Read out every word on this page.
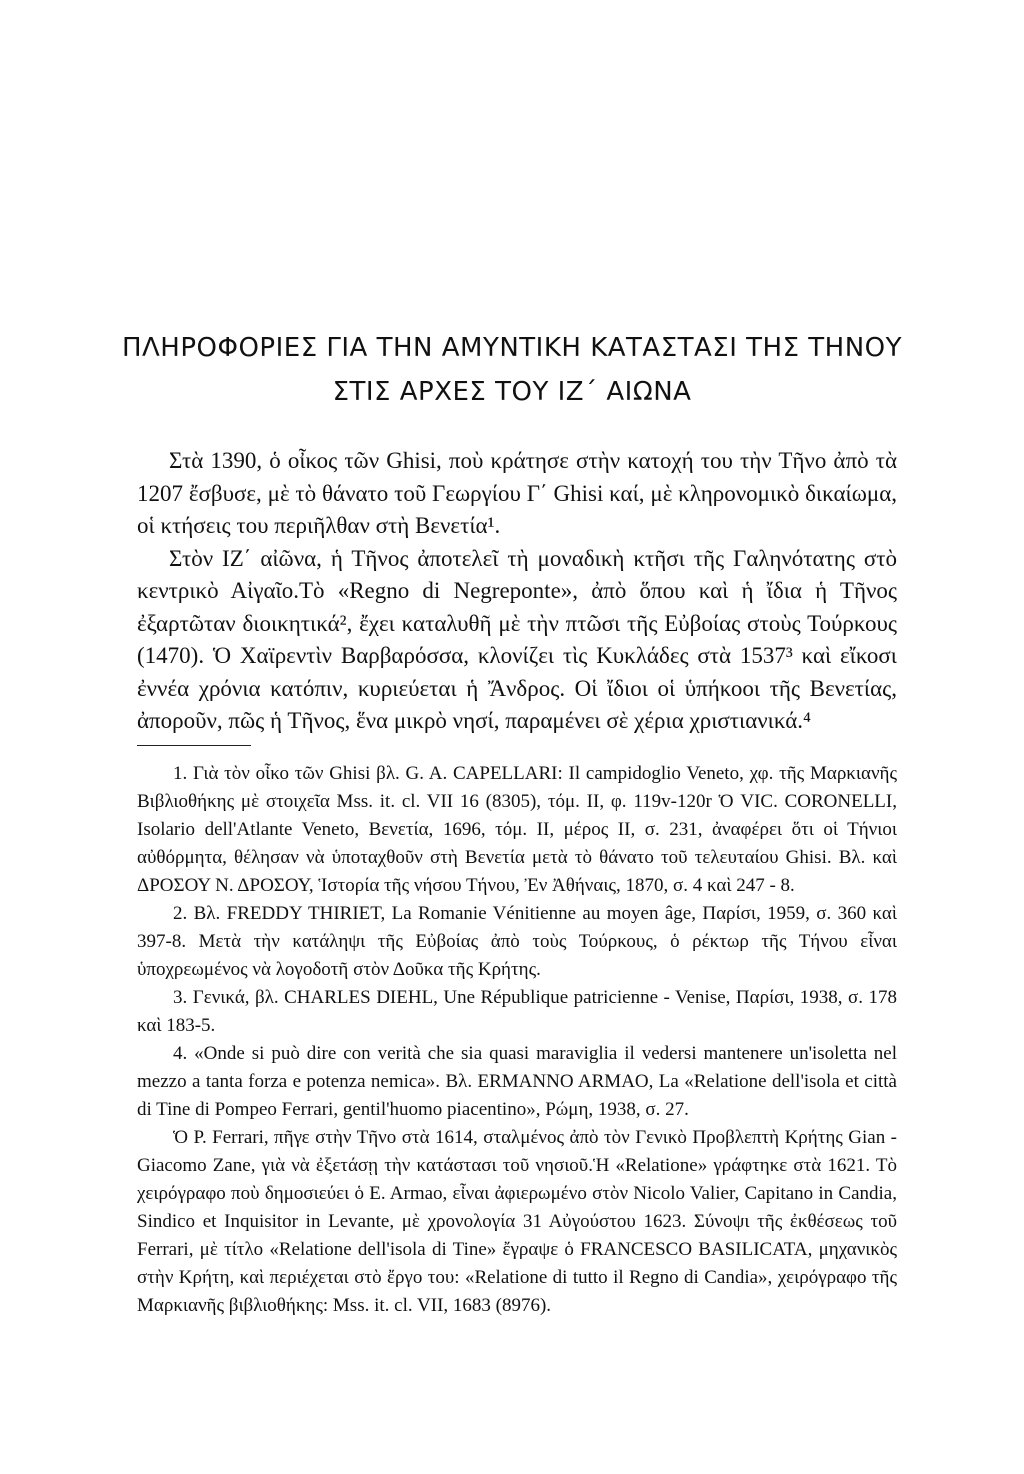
ΠΛΗΡΟΦΟΡΙΕΣ ΓΙΑ ΤΗΝ ΑΜΥΝΤΙΚΗ ΚΑΤΑΣΤΑΣΙ ΤΗΣ ΤΗΝΟΥ
ΣΤΙΣ ΑΡΧΕΣ ΤΟΥ ΙΖ΄ ΑΙΩΝΑ

Στὰ 1390, ὁ οἶκος τῶν Ghisi, ποὺ κράτησε στὴν κατοχή του τὴν Τῆνο ἀπὸ τὰ 1207 ἔσβυσε, μὲ τὸ θάνατο τοῦ Γεωργίου Γ΄ Ghisi καί, μὲ κληρονομικὸ δικαίωμα, οἱ κτήσεις του περιῆλθαν στὴ Βενετία¹.

Στὸν ΙΖ΄ αἰῶνα, ἡ Τῆνος ἀποτελεῖ τὴ μοναδικὴ κτῆσι τῆς Γαληνότατης στὸ κεντρικὸ Αἰγαῖο.Τὸ «Regno di Negreponte», ἀπὸ ὅπου καὶ ἡ ἴδια ἡ Τῆνος ἐξαρτῶταν διοικητικά², ἔχει καταλυθῆ μὲ τὴν πτῶσι τῆς Εὐβοίας στοὺς Τούρκους (1470). Ὁ Χαϊρεντὶν Βαρβαρόσσα, κλονίζει τὶς Κυκλάδες στὰ 1537³ καὶ εἴκοσι ἐννέα χρόνια κατόπιν, κυριεύεται ἡ Ἄνδρος. Οἱ ἴδιοι οἱ ὑπήκοοι τῆς Βενετίας, ἀποροῦν, πῶς ἡ Τῆνος, ἕνα μικρὸ νησί, παραμένει σὲ χέρια χριστιανικά.⁴

1. Γιὰ τὸν οἶκο τῶν Ghisi βλ. G. A. CAPELLARI: Il campidoglio Veneto, χφ. τῆς Μαρκιανῆς Βιβλιοθήκης μὲ στοιχεῖα Mss. it. cl. VII 16 (8305), τόμ. II, φ. 119v-120r Ὁ VIC. CORONELLI, Isolario dell'Atlante Veneto, Βενετία, 1696, τόμ. II, μέρος II, σ. 231, ἀναφέρει ὅτι οἱ Τήνιοι αὐθόρμητα, θέλησαν νὰ ὑποταχθοῦν στὴ Βενετία μετὰ τὸ θάνατο τοῦ τελευταίου Ghisi. Βλ. καὶ ΔΡΟΣΟΥ Ν. ΔΡΟΣΟΥ, Ἱστορία τῆς νήσου Τήνου, Ἐν Ἀθήναις, 1870, σ. 4 καὶ 247 - 8.

2. Βλ. FREDDY THIRIET, La Romanie Vénitienne au moyen âge, Παρίσι, 1959, σ. 360 καὶ 397-8. Μετὰ τὴν κατάληψι τῆς Εὐβοίας ἀπὸ τοὺς Τούρκους, ὁ ρέκτωρ τῆς Τήνου εἶναι ὑποχρεωμένος νὰ λογοδοτῆ στὸν Δοῦκα τῆς Κρήτης.

3. Γενικά, βλ. CHARLES DIEHL, Une République patricienne - Venise, Παρίσι, 1938, σ. 178 καὶ 183-5.

4. «Onde si può dire con verità che sia quasi maraviglia il vedersi mantenere un'isoletta nel mezzo a tanta forza e potenza nemica». Βλ. ERMANNO ARMAO, La «Relatione dell'isola et città di Tine di Pompeo Ferrari, gentil'huomo piacentino», Ρώμη, 1938, σ. 27.

Ὁ P. Ferrari, πῆγε στὴν Τῆνο στὰ 1614, σταλμένος ἀπὸ τὸν Γενικὸ Προβλεπτὴ Κρήτης Gian - Giacomo Zane, γιὰ νὰ ἐξετάσῃ τὴν κατάστασι τοῦ νησιοῦ.Ἡ «Relatione» γράφτηκε στὰ 1621. Τὸ χειρόγραφο ποὺ δημοσιεύει ὁ E. Armao, εἶναι ἀφιερωμένο στὸν Nicolo Valier, Capitano in Candia, Sindico et Inquisitor in Levante, μὲ χρονολογία 31 Αὐγούστου 1623. Σύνοψι τῆς ἐκθέσεως τοῦ Ferrari, μὲ τίτλο «Relatione dell'isola di Tine» ἔγραψε ὁ FRANCESCO BASILICATA, μηχανικὸς στὴν Κρήτη, καὶ περιέχεται στὸ ἔργο του: «Relatione di tutto il Regno di Candia», χειρόγραφο τῆς Μαρκιανῆς βιβλιοθήκης: Mss. it. cl. VII, 1683 (8976).
